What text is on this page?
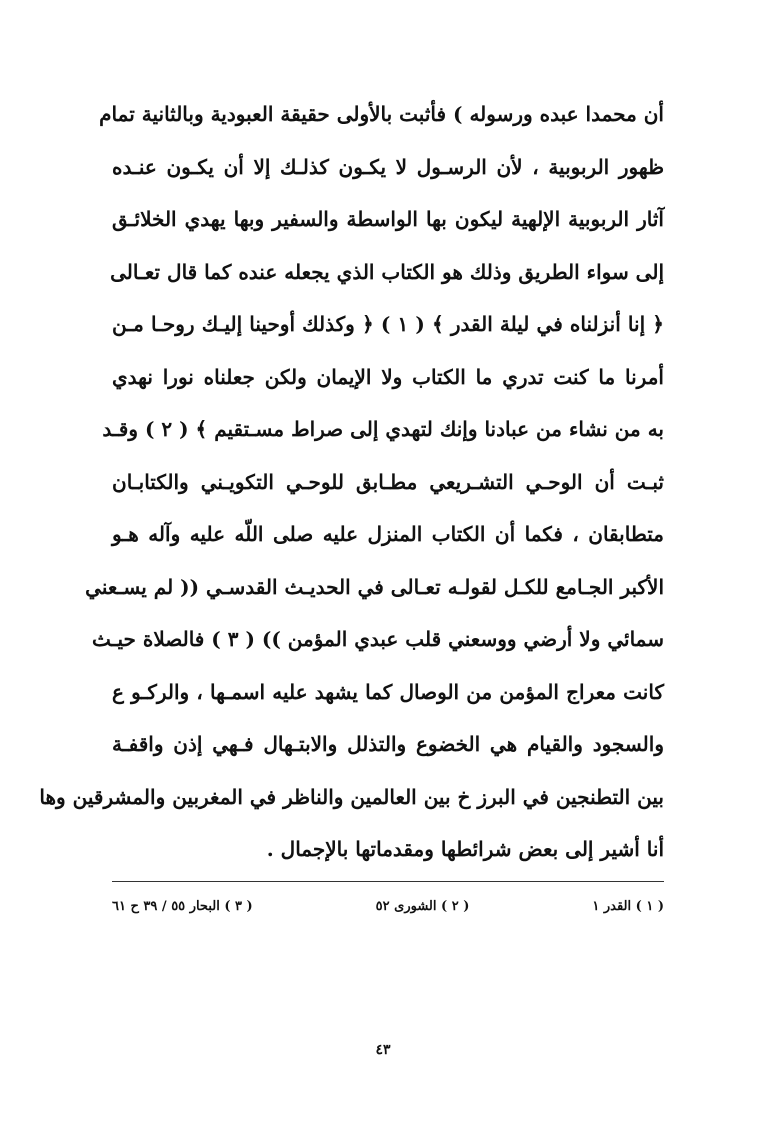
أن محمدا عبده ورسوله ) فأثبت بالأولى حقيقة العبودية وبالثانية تمام
ظهور الربوبية ، لأن الرسـول لا يكـون كذلـك إلا أن يكـون عنـده
آثار الربوبية الإلهية ليكون بها الواسطة والسفير وبها يهدي الخلائـق
إلى سواء الطريق وذلك هو الكتاب الذي يجعله عنده كما قال تعـالى
﴿ إنا أنزلناه في ليلة القدر ﴾ ( ١ ) ﴿ وكذلك أوحينا إليـك روحـا مـن
أمرنا ما كنت تدري ما الكتاب ولا الإيمان ولكن جعلناه نورا نهدي
به من نشاء من عبادنا وإنك لتهدي إلى صراط مسـتقيم ﴾ ( ٢ ) وقـد
ثبـت أن الوحـي التشـريعي مطـابق للوحـي التكويـني والكتابـان
متطابقان ، فكما أن الكتاب المنزل عليه صلى اللّه عليه وآله هـو
الأكبر الجـامع للكـل لقولـه تعـالى في الحديـث القدسـي (( لم يسـعني
سمائي ولا أرضي ووسعني قلب عبدي المؤمن )) ( ٣ ) فالصلاة حيـث
كانت معراج المؤمن من الوصال كما يشهد عليه اسمـها ، والركـو ع
والسجود والقيام هي الخضوع والتذلل والابتـهال فـهي إذن واقفـة
بين التطنجين في البرز خ بين العالمين والناظر في المغربين والمشرقين وها
أنا أشير إلى بعض شرائطها ومقدماتها بالإجمال .
( ١ ) القدر ١
( ٢ ) الشورى ٥٢
( ٣ ) البحار ٥٥ / ٣٩ ح ٦١
٤٣
